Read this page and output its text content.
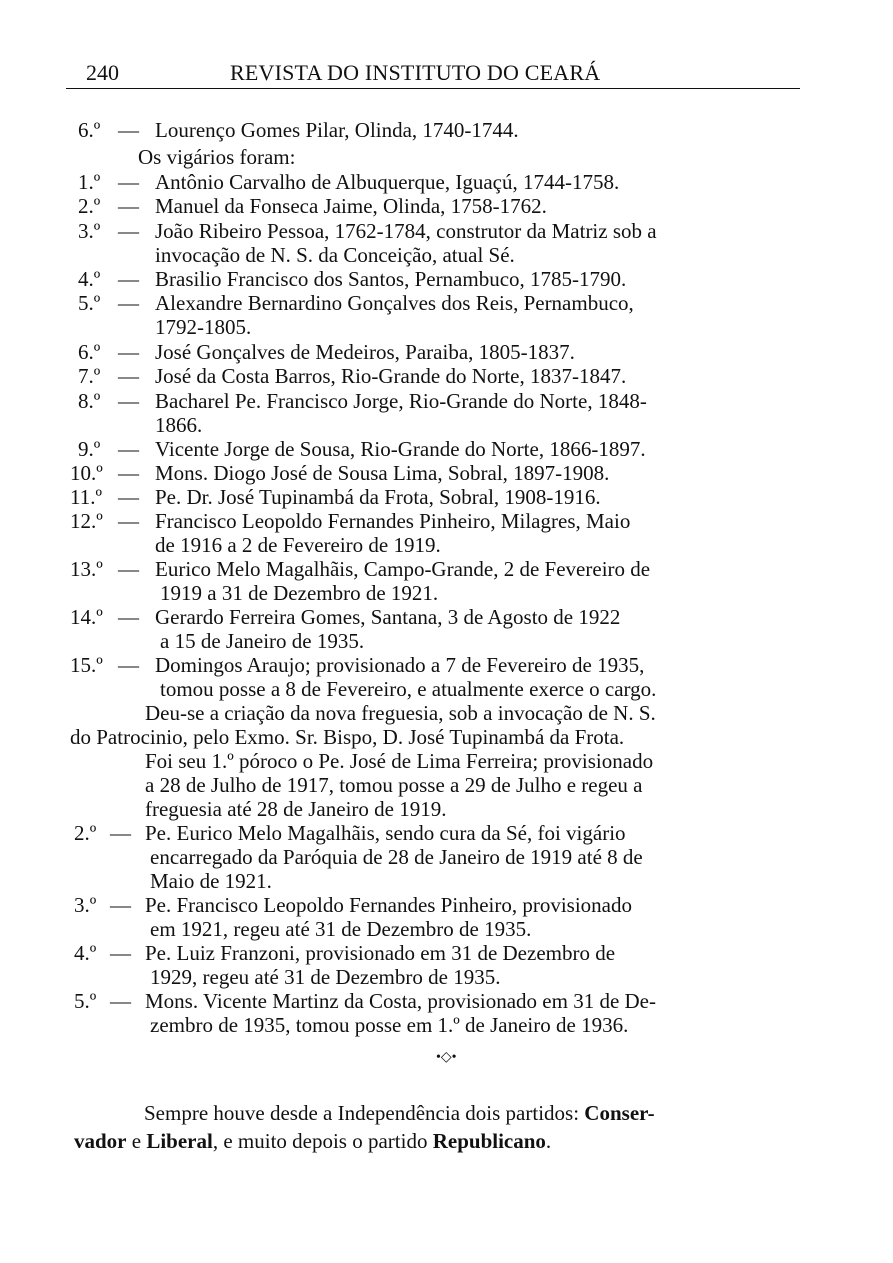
240	REVISTA DO INSTITUTO DO CEARÁ
6.º — Lourenço Gomes Pilar, Olinda, 1740-1744.
Os vigários foram:
1.º — Antônio Carvalho de Albuquerque, Iguaçú, 1744-1758.
2.º — Manuel da Fonseca Jaime, Olinda, 1758-1762.
3.º — João Ribeiro Pessoa, 1762-1784, construtor da Matriz sob a
invocação de N. S. da Conceição, atual Sé.
4.º — Brasilio Francisco dos Santos, Pernambuco, 1785-1790.
5.º — Alexandre Bernardino Gonçalves dos Reis, Pernambuco,
1792-1805.
6.º — José Gonçalves de Medeiros, Paraiba, 1805-1837.
7.º — José da Costa Barros, Rio-Grande do Norte, 1837-1847.
8.º — Bacharel Pe. Francisco Jorge, Rio-Grande do Norte, 1848-
1866.
9.º — Vicente Jorge de Sousa, Rio-Grande do Norte, 1866-1897.
10.º — Mons. Diogo José de Sousa Lima, Sobral, 1897-1908.
11.º — Pe. Dr. José Tupinambá da Frota, Sobral, 1908-1916.
12.º — Francisco Leopoldo Fernandes Pinheiro, Milagres, Maio
de 1916 a 2 de Fevereiro de 1919.
13.º — Eurico Melo Magalhãis, Campo-Grande, 2 de Fevereiro de
1919 a 31 de Dezembro de 1921.
14.º — Gerardo Ferreira Gomes, Santana, 3 de Agosto de 1922
a 15 de Janeiro de 1935.
15.º — Domingos Araujo; provisionado a 7 de Fevereiro de 1935,
tomou posse a 8 de Fevereiro, e atualmente exerce o cargo.
Deu-se a criação da nova freguesia, sob a invocação de N. S.
do Patrocinio, pelo Exmo. Sr. Bispo, D. José Tupinambá da Frota.
Foi seu 1.º póroco o Pe. José de Lima Ferreira; provisionado
a 28 de Julho de 1917, tomou posse a 29 de Julho e regeu a
freguesia até 28 de Janeiro de 1919.
2.º — Pe. Eurico Melo Magalhãis, sendo cura da Sé, foi vigário
encarregado da Paróquia de 28 de Janeiro de 1919 até 8 de
Maio de 1921.
3.º — Pe. Francisco Leopoldo Fernandes Pinheiro, provisionado
em 1921, regeu até 31 de Dezembro de 1935.
4.º — Pe. Luiz Franzoni, provisionado em 31 de Dezembro de
1929, regeu até 31 de Dezembro de 1935.
5.º — Mons. Vicente Martinz da Costa, provisionado em 31 de De-
zembro de 1935, tomou posse em 1.º de Janeiro de 1936.
•◇•
Sempre houve desde a Independência dois partidos: Conser-
vador e Liberal, e muito depois o partido Republicano.
